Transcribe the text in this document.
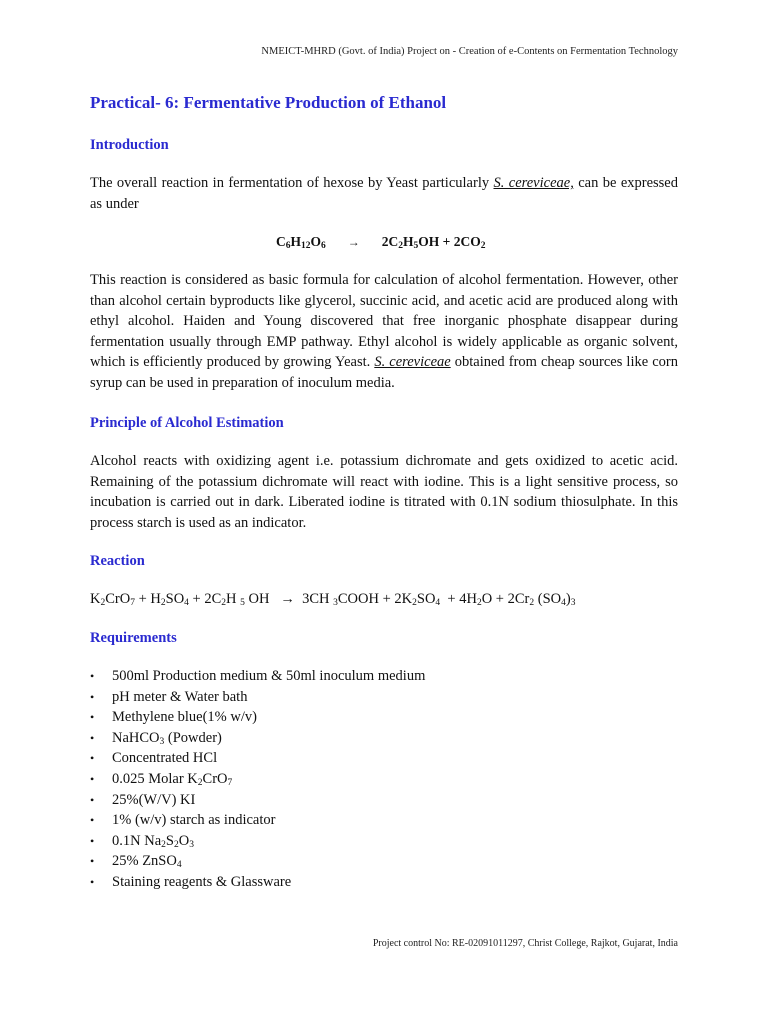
NMEICT-MHRD (Govt. of India) Project on - Creation of e-Contents on Fermentation Technology
Practical- 6: Fermentative Production of Ethanol
Introduction

The overall reaction in fermentation of hexose by Yeast particularly S. cereviceae, can be expressed as under

$C_6H_{12}O_6 \to 2C_2H_5OH + 2CO_2$

This reaction is considered as basic formula for calculation of alcohol fermentation. However, other than alcohol certain byproducts like glycerol, succinic acid, and acetic acid are produced along with ethyl alcohol. Haiden and Young discovered that free inorganic phosphate disappear during fermentation usually through EMP pathway. Ethyl alcohol is widely applicable as organic solvent, which is efficiently produced by growing Yeast. S. cereviceae obtained from cheap sources like corn syrup can be used in preparation of inoculum media.

Principle of Alcohol Estimation

Alcohol reacts with oxidizing agent i.e. potassium dichromate and gets oxidized to acetic acid. Remaining of the potassium dichromate will react with iodine. This is a light sensitive process, so incubation is carried out in dark. Liberated iodine is titrated with 0.1N sodium thiosulphate. In this process starch is used as an indicator.

Reaction
$K_2CrO_7 + H_2SO_4 + 2C_2H$ $_5$ OH   →  3CH $_3$COOH + $2K_2SO_4 + 4H_2O + 2Cr_2$ $(SO_4)_3$
Requirements
• 500ml Production medium & 50ml inoculum medium
• pH meter & Water bath
• Methylene blue(1% w/v)
• NaHCO$_3$ (Powder)
• Concentrated HCl
• 0.025 Molar $K_2CrO_7$
• 25%(W/V) KI
• 1% (w/v) starch as indicator
• 0.1N $Na_2S_2O_3$
• 25% ZnSO$_4$
• Staining reagents & Glassware
Project control No: RE-02091011297, Christ College, Rajkot, Gujarat, India
